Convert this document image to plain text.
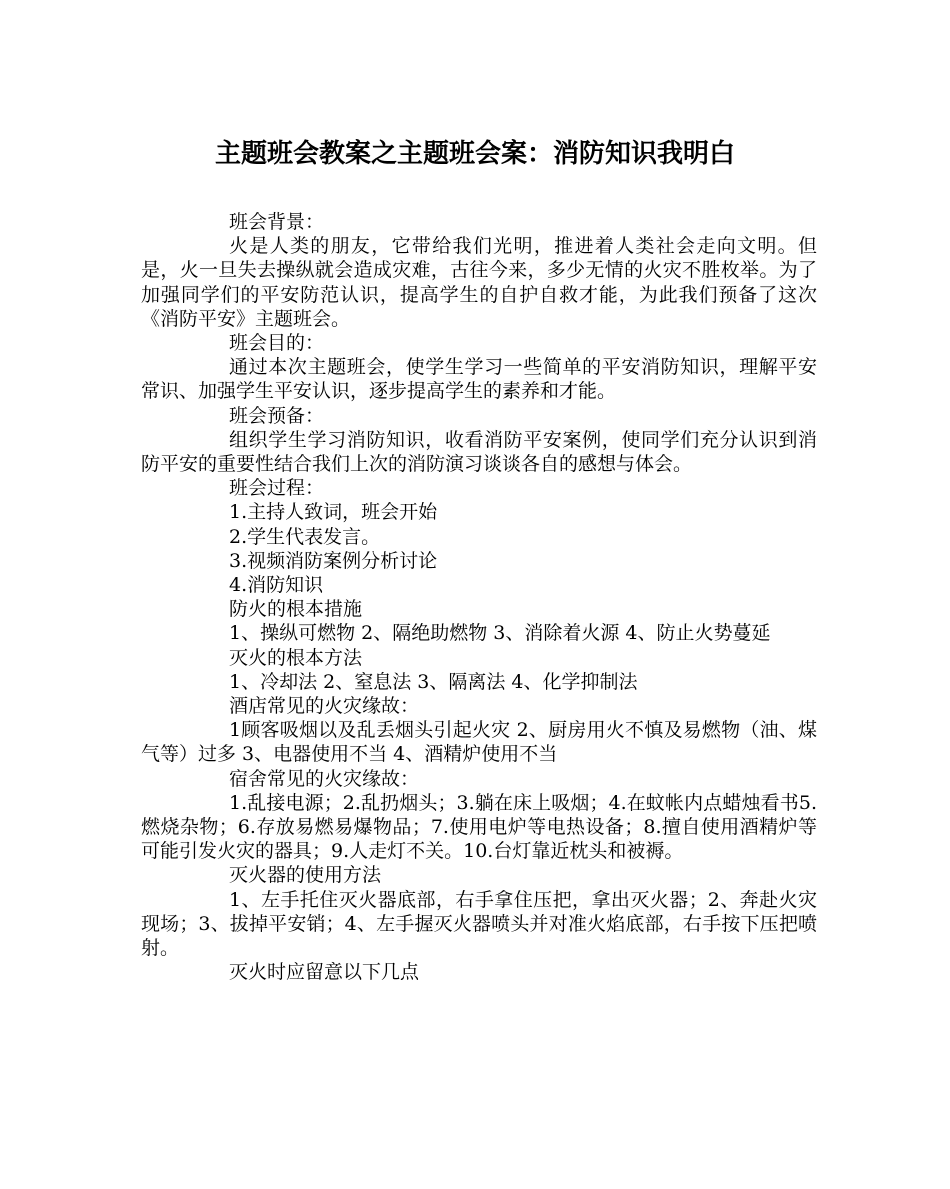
主题班会教案之主题班会案：消防知识我明白

班会背景：

火是人类的朋友，它带给我们光明，推进着人类社会走向文明。但是，火一旦失去操纵就会造成灾难，古往今来，多少无情的火灾不胜枚举。为了加强同学们的平安防范认识，提高学生的自护自救才能，为此我们预备了这次《消防平安》主题班会。

班会目的：

通过本次主题班会，使学生学习一些简单的平安消防知识，理解平安常识、加强学生平安认识，逐步提高学生的素养和才能。

班会预备：

组织学生学习消防知识，收看消防平安案例，使同学们充分认识到消防平安的重要性结合我们上次的消防演习谈谈各自的感想与体会。

班会过程：

1.主持人致词，班会开始

2.学生代表发言。

3.视频消防案例分析讨论

4.消防知识

防火的根本措施

1、操纵可燃物 2、隔绝助燃物 3、消除着火源 4、防止火势蔓延

灭火的根本方法

1、冷却法 2、窒息法 3、隔离法 4、化学抑制法

酒店常见的火灾缘故：

1顾客吸烟以及乱丢烟头引起火灾 2、厨房用火不慎及易燃物（油、煤气等）过多 3、电器使用不当 4、酒精炉使用不当

宿舍常见的火灾缘故：

1.乱接电源；2.乱扔烟头；3.躺在床上吸烟；4.在蚊帐内点蜡烛看书5.燃烧杂物；6.存放易燃易爆物品；7.使用电炉等电热设备；8.擅自使用酒精炉等可能引发火灾的器具；9.人走灯不关。10.台灯靠近枕头和被褥。

灭火器的使用方法

1、左手托住灭火器底部，右手拿住压把，拿出灭火器；2、奔赴火灾现场；3、拔掉平安销；4、左手握灭火器喷头并对准火焰底部，右手按下压把喷射。

灭火时应留意以下几点
